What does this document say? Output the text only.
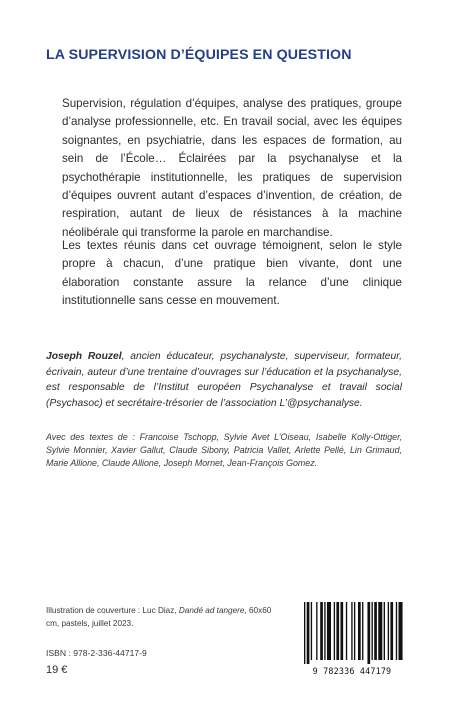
LA SUPERVISION D’ÉQUIPES EN QUESTION

Supervision, régulation d’équipes, analyse des pratiques, groupe d’analyse professionnelle, etc. En travail social, avec les équipes soignantes, en psychiatrie, dans les espaces de formation, au sein de l’École… Éclairées par la psychanalyse et la psychothérapie institutionnelle, les pratiques de supervision d’équipes ouvrent autant d’espaces d’invention, de création, de respiration, autant de lieux de résistances à la machine néolibérale qui transforme la parole en marchandise.

Les textes réunis dans cet ouvrage témoignent, selon le style propre à chacun, d’une pratique bien vivante, dont une élaboration constante assure la relance d’une clinique institutionnelle sans cesse en mouvement.

Joseph Rouzel, ancien éducateur, psychanalyste, superviseur, formateur, écrivain, auteur d’une trentaine d’ouvrages sur l’éducation et la psychanalyse, est responsable de l’Institut européen Psychanalyse et travail social (Psychasoc) et secrétaire-trésorier de l’association L’@psychanalyse.

Avec des textes de : Francoise Tschopp, Sylvie Avet L’Oiseau, Isabelle Kolly-Ottiger, Sylvie Monnier, Xavier Gallut, Claude Sibony, Patricia Vallet, Arlette Pellé, Lin Grimaud, Marie Allione, Claude Allione, Joseph Mornet, Jean-François Gomez.

Illustration de couverture : Luc Diaz, Dandé ad tangere, 60x60 cm, pastels, juillet 2023.
ISBN : 978-2-336-44717-9
19 €	9 782336 447179
